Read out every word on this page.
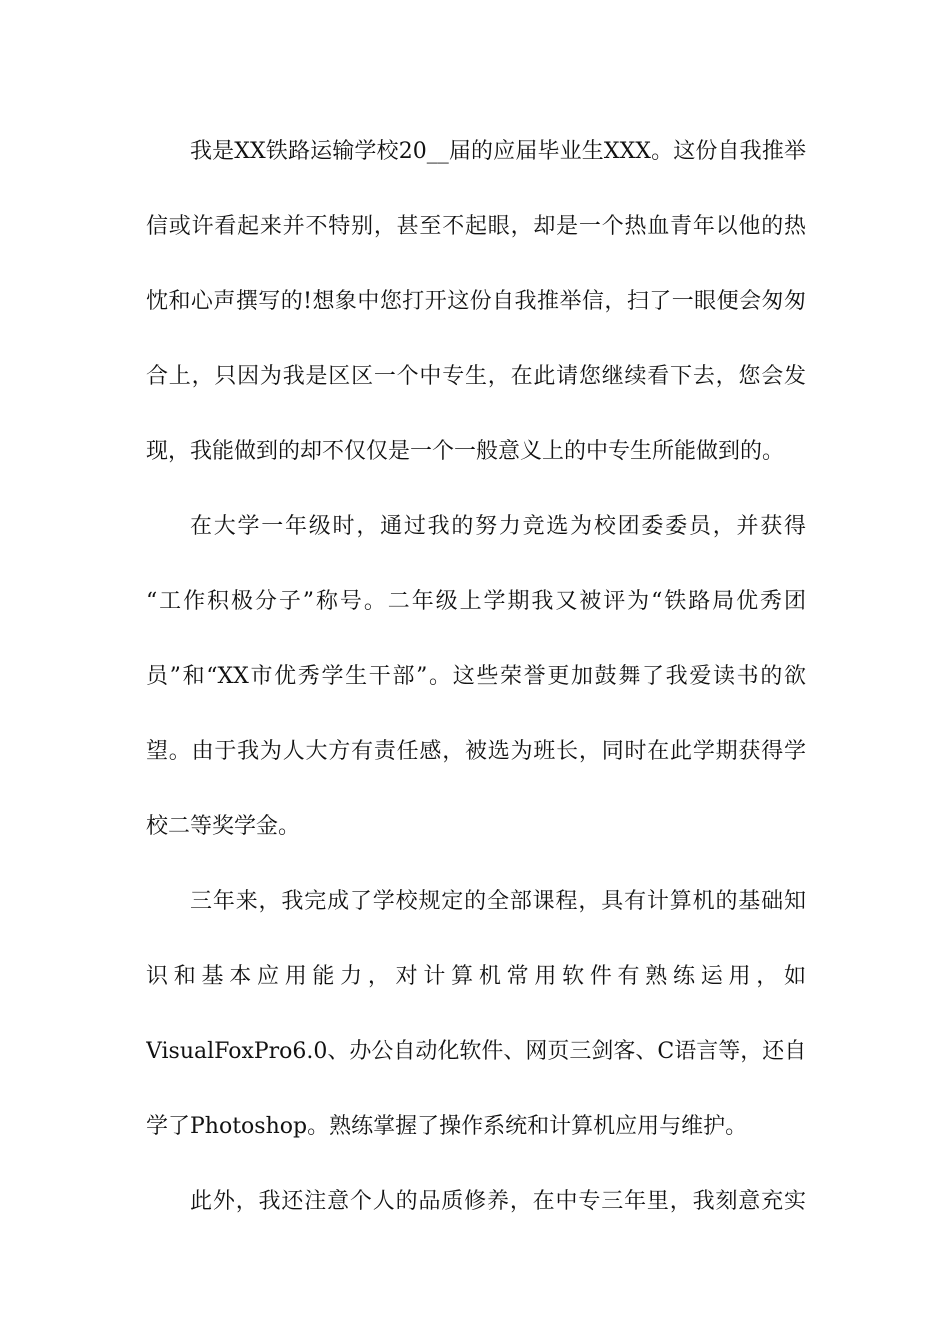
我是XX铁路运输学校20__届的应届毕业生XXX。这份自我推举
信或许看起来并不特别，甚至不起眼，却是一个热血青年以他的热
忱和心声撰写的!想象中您打开这份自我推举信，扫了一眼便会匆匆
合上，只因为我是区区一个中专生，在此请您继续看下去，您会发
现，我能做到的却不仅仅是一个一般意义上的中专生所能做到的。
在大学一年级时，通过我的努力竞选为校团委委员，并获得
“工作积极分子”称号。二年级上学期我又被评为“铁路局优秀团
员”和“XX市优秀学生干部”。这些荣誉更加鼓舞了我爱读书的欲
望。由于我为人大方有责任感，被选为班长，同时在此学期获得学
校二等奖学金。
三年来，我完成了学校规定的全部课程，具有计算机的基础知
识和基本应用能力，对计算机常用软件有熟练运用，如
VisualFoxPro6.0、办公自动化软件、网页三剑客、C语言等，还自
学了Photoshop。熟练掌握了操作系统和计算机应用与维护。
此外，我还注意个人的品质修养，在中专三年里，我刻意充实
